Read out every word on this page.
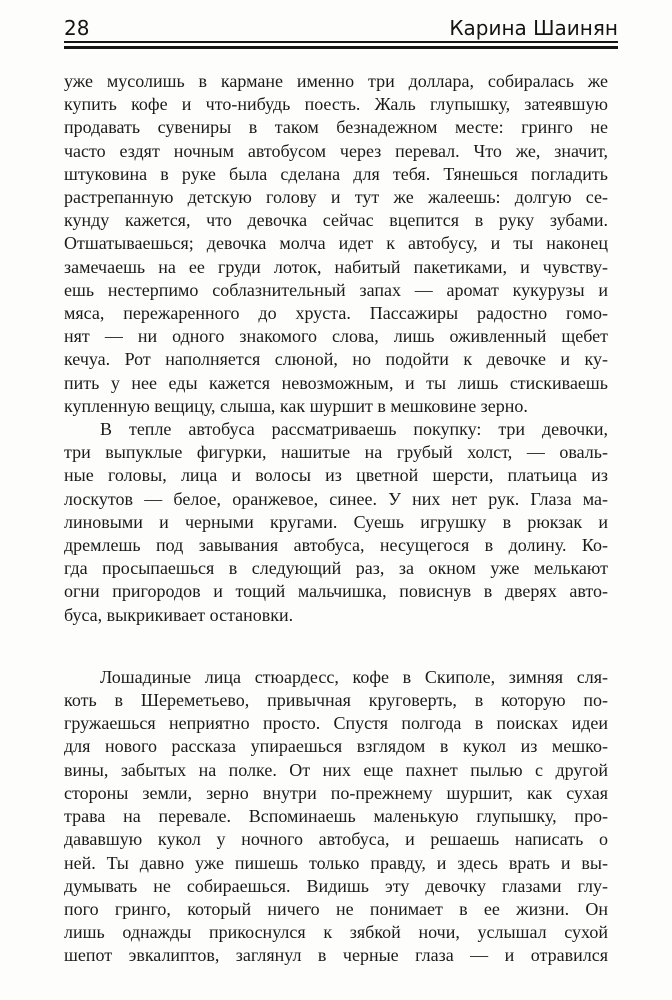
28	Карина Шаинян
уже мусолишь в кармане именно три доллара, собиралась же
купить кофе и что-нибудь поесть. Жаль глупышку, затеявшую
продавать сувениры в таком безнадежном месте: гринго не
часто ездят ночным автобусом через перевал. Что же, значит,
штуковина в руке была сделана для тебя. Тянешься погладить
растрепанную детскую голову и тут же жалеешь: долгую се-
кунду кажется, что девочка сейчас вцепится в руку зубами.
Отшатываешься; девочка молча идет к автобусу, и ты наконец
замечаешь на ее груди лоток, набитый пакетиками, и чувству-
ешь нестерпимо соблазнительный запах — аромат кукурузы и
мяса, пережаренного до хруста. Пассажиры радостно гомо-
нят — ни одного знакомого слова, лишь оживленный щебет
кечуа. Рот наполняется слюной, но подойти к девочке и ку-
пить у нее еды кажется невозможным, и ты лишь стискиваешь
купленную вещицу, слыша, как шуршит в мешковине зерно.
В тепле автобуса рассматриваешь покупку: три девочки,
три выпуклые фигурки, нашитые на грубый холст, — оваль-
ные головы, лица и волосы из цветной шерсти, платьица из
лоскутов — белое, оранжевое, синее. У них нет рук. Глаза ма-
линовыми и черными кругами. Суешь игрушку в рюкзак и
дремлешь под завывания автобуса, несущегося в долину. Ко-
гда просыпаешься в следующий раз, за окном уже мелькают
огни пригородов и тощий мальчишка, повиснув в дверях авто-
буса, выкрикивает остановки.
Лошадиные лица стюардесс, кофе в Скиполе, зимняя сля-
коть в Шереметьево, привычная круговерть, в которую по-
гружаешься неприятно просто. Спустя полгода в поисках идеи
для нового рассказа упираешься взглядом в кукол из мешко-
вины, забытых на полке. От них еще пахнет пылью с другой
стороны земли, зерно внутри по-прежнему шуршит, как сухая
трава на перевале. Вспоминаешь маленькую глупышку, про-
дававшую кукол у ночного автобуса, и решаешь написать о
ней. Ты давно уже пишешь только правду, и здесь врать и вы-
думывать не собираешься. Видишь эту девочку глазами глу-
пого гринго, который ничего не понимает в ее жизни. Он
лишь однажды прикоснулся к зябкой ночи, услышал сухой
шепот эвкалиптов, заглянул в черные глаза — и отравился
